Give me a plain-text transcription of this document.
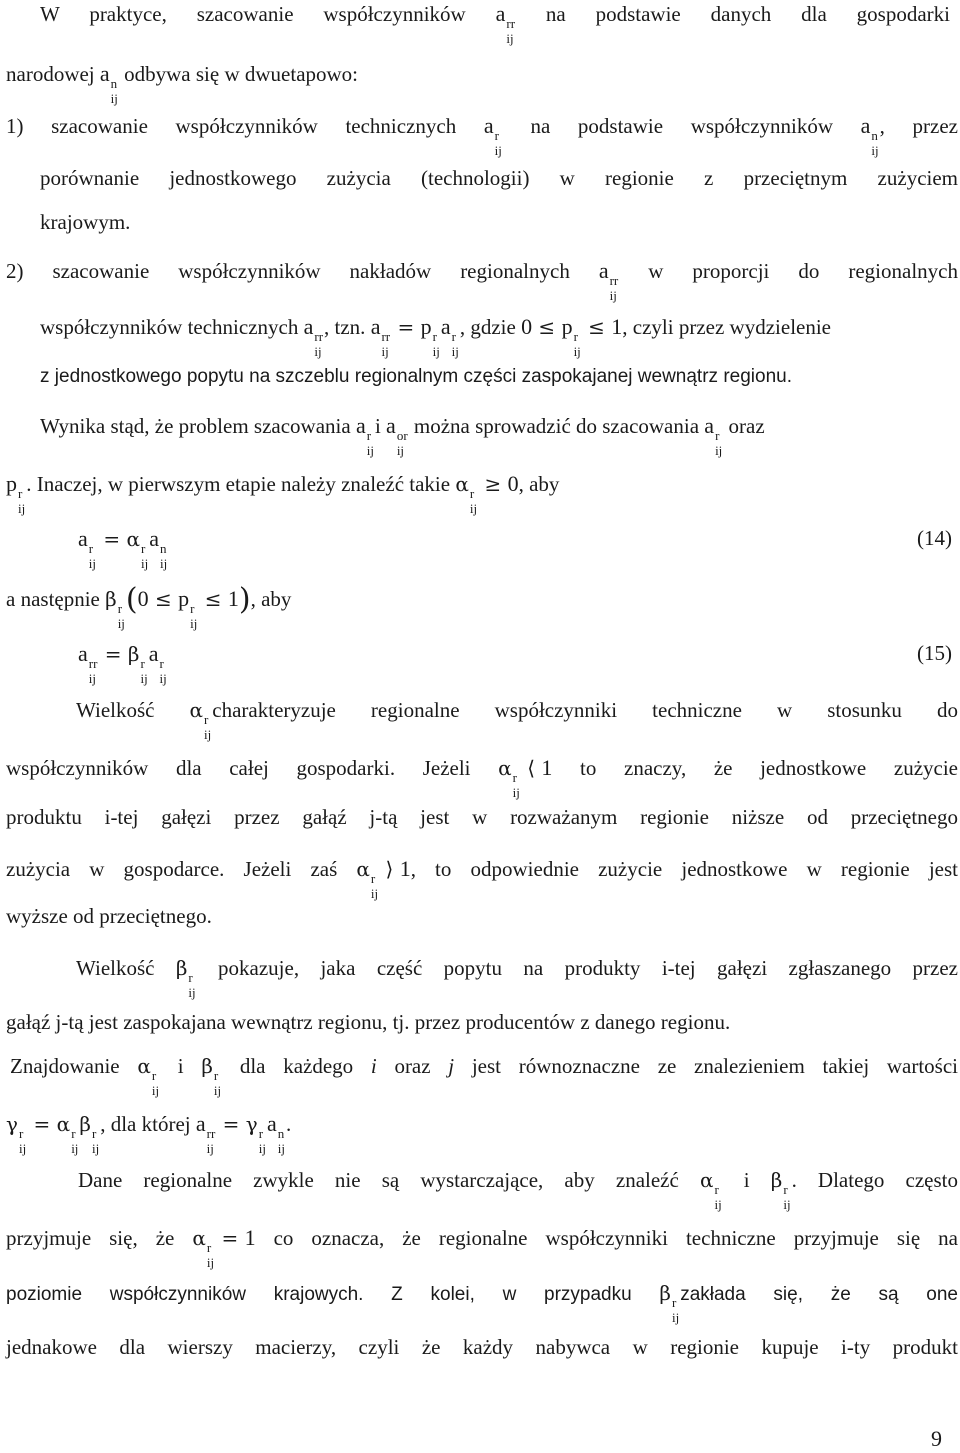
W praktyce, szacowanie współczynników a rr
ij
na podstawie danych dla gospodarki
narodowej a n
ij
odbywa się w dwuetapowo:
1) szacowanie współczynników technicznych a r
ij
na podstawie współczynników a n
ij
, przez
porównanie jednostkowego zużycia (technologii) w regionie z przeciętnym zużyciem
krajowym.
2) szacowanie współczynników nakładów regionalnych a rr
ij
w proporcji do regionalnych
współczynników technicznych a rr
ij
, tzn. a rr
ij
= p r
ij
a r
ij
, gdzie 0 ≤ p r
ij
≤ 1, czyli przez wydzielenie
z jednostkowego popytu na szczeblu regionalnym części zaspokajanej wewnątrz regionu.
Wynika stąd, że problem szacowania a r
ij
i a or
ij
można sprowadzić do szacowania a r
ij
oraz
p r
ij
. Inaczej, w pierwszym etapie należy znaleźć takie α r
ij
≥ 0, aby
(14)
a r
ij
= α r
ij
a n
ij
a następnie β r
ij
(0 ≤ p r
ij
≤ 1), aby
(15)
a rr
ij
= β r
ij
a r
ij
Wielkość α r
ij
charakteryzuje regionalne współczynniki techniczne w stosunku do
współczynników dla całej gospodarki. Jeżeli α r
ij
⟨ 1 to znaczy, że jednostkowe zużycie
produktu i-tej gałęzi przez gałąź j-tą jest w rozważanym regionie niższe od przeciętnego
zużycia w gospodarce. Jeżeli zaś α r
ij
⟩ 1, to odpowiednie zużycie jednostkowe w regionie jest
wyższe od przeciętnego.
Wielkość β r
ij
pokazuje, jaka część popytu na produkty i-tej gałęzi zgłaszanego przez
gałąź j-tą jest zaspokajana wewnątrz regionu, tj. przez producentów z danego regionu.
Znajdowanie α r
ij
i β r
ij
dla każdego i oraz j jest równoznaczne ze znalezieniem takiej wartości
γ r
ij
= α r
ij
β r
ij
, dla której a rr
ij
= γ r
ij
a n
ij
.
Dane regionalne zwykle nie są wystarczające, aby znaleźć α r
ij
i β r
ij
. Dlatego często
przyjmuje się, że α r
ij
= 1 co oznacza, że regionalne współczynniki techniczne przyjmuje się na
poziomie współczynników krajowych. Z kolei, w przypadku β r
ij
zakłada się, że są one
jednakowe dla wierszy macierzy, czyli że każdy nabywca w regionie kupuje i-ty produkt
9
